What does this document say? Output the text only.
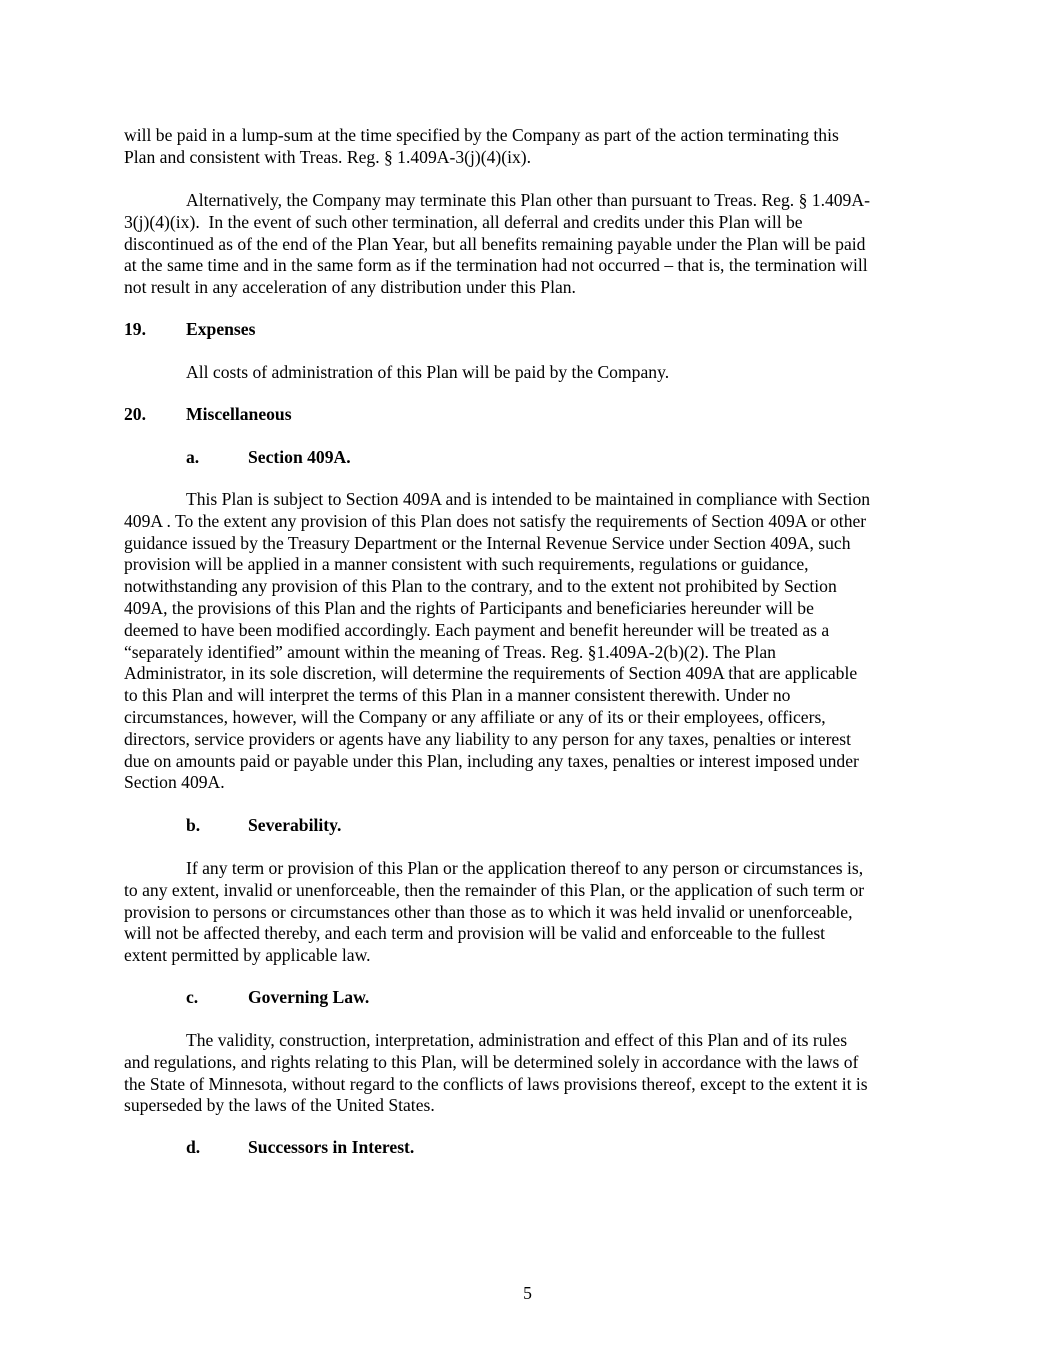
will be paid in a lump-sum at the time specified by the Company as part of the action terminating this
Plan and consistent with Treas. Reg. § 1.409A-3(j)(4)(ix).
Alternatively, the Company may terminate this Plan other than pursuant to Treas. Reg. § 1.409A-
3(j)(4)(ix).  In the event of such other termination, all deferral and credits under this Plan will be
discontinued as of the end of the Plan Year, but all benefits remaining payable under the Plan will be paid
at the same time and in the same form as if the termination had not occurred – that is, the termination will
not result in any acceleration of any distribution under this Plan.
19. Expenses
All costs of administration of this Plan will be paid by the Company.
20. Miscellaneous
a.	Section 409A.
This Plan is subject to Section 409A and is intended to be maintained in compliance with Section
409A . To the extent any provision of this Plan does not satisfy the requirements of Section 409A or other
guidance issued by the Treasury Department or the Internal Revenue Service under Section 409A, such
provision will be applied in a manner consistent with such requirements, regulations or guidance,
notwithstanding any provision of this Plan to the contrary, and to the extent not prohibited by Section
409A, the provisions of this Plan and the rights of Participants and beneficiaries hereunder will be
deemed to have been modified accordingly. Each payment and benefit hereunder will be treated as a
“separately identified” amount within the meaning of Treas. Reg. §1.409A-2(b)(2). The Plan
Administrator, in its sole discretion, will determine the requirements of Section 409A that are applicable
to this Plan and will interpret the terms of this Plan in a manner consistent therewith. Under no
circumstances, however, will the Company or any affiliate or any of its or their employees, officers,
directors, service providers or agents have any liability to any person for any taxes, penalties or interest
due on amounts paid or payable under this Plan, including any taxes, penalties or interest imposed under
Section 409A.
b.	Severability.
If any term or provision of this Plan or the application thereof to any person or circumstances is,
to any extent, invalid or unenforceable, then the remainder of this Plan, or the application of such term or
provision to persons or circumstances other than those as to which it was held invalid or unenforceable,
will not be affected thereby, and each term and provision will be valid and enforceable to the fullest
extent permitted by applicable law.
c.	Governing Law.
The validity, construction, interpretation, administration and effect of this Plan and of its rules
and regulations, and rights relating to this Plan, will be determined solely in accordance with the laws of
the State of Minnesota, without regard to the conflicts of laws provisions thereof, except to the extent it is
superseded by the laws of the United States.
d.	Successors in Interest.
5
